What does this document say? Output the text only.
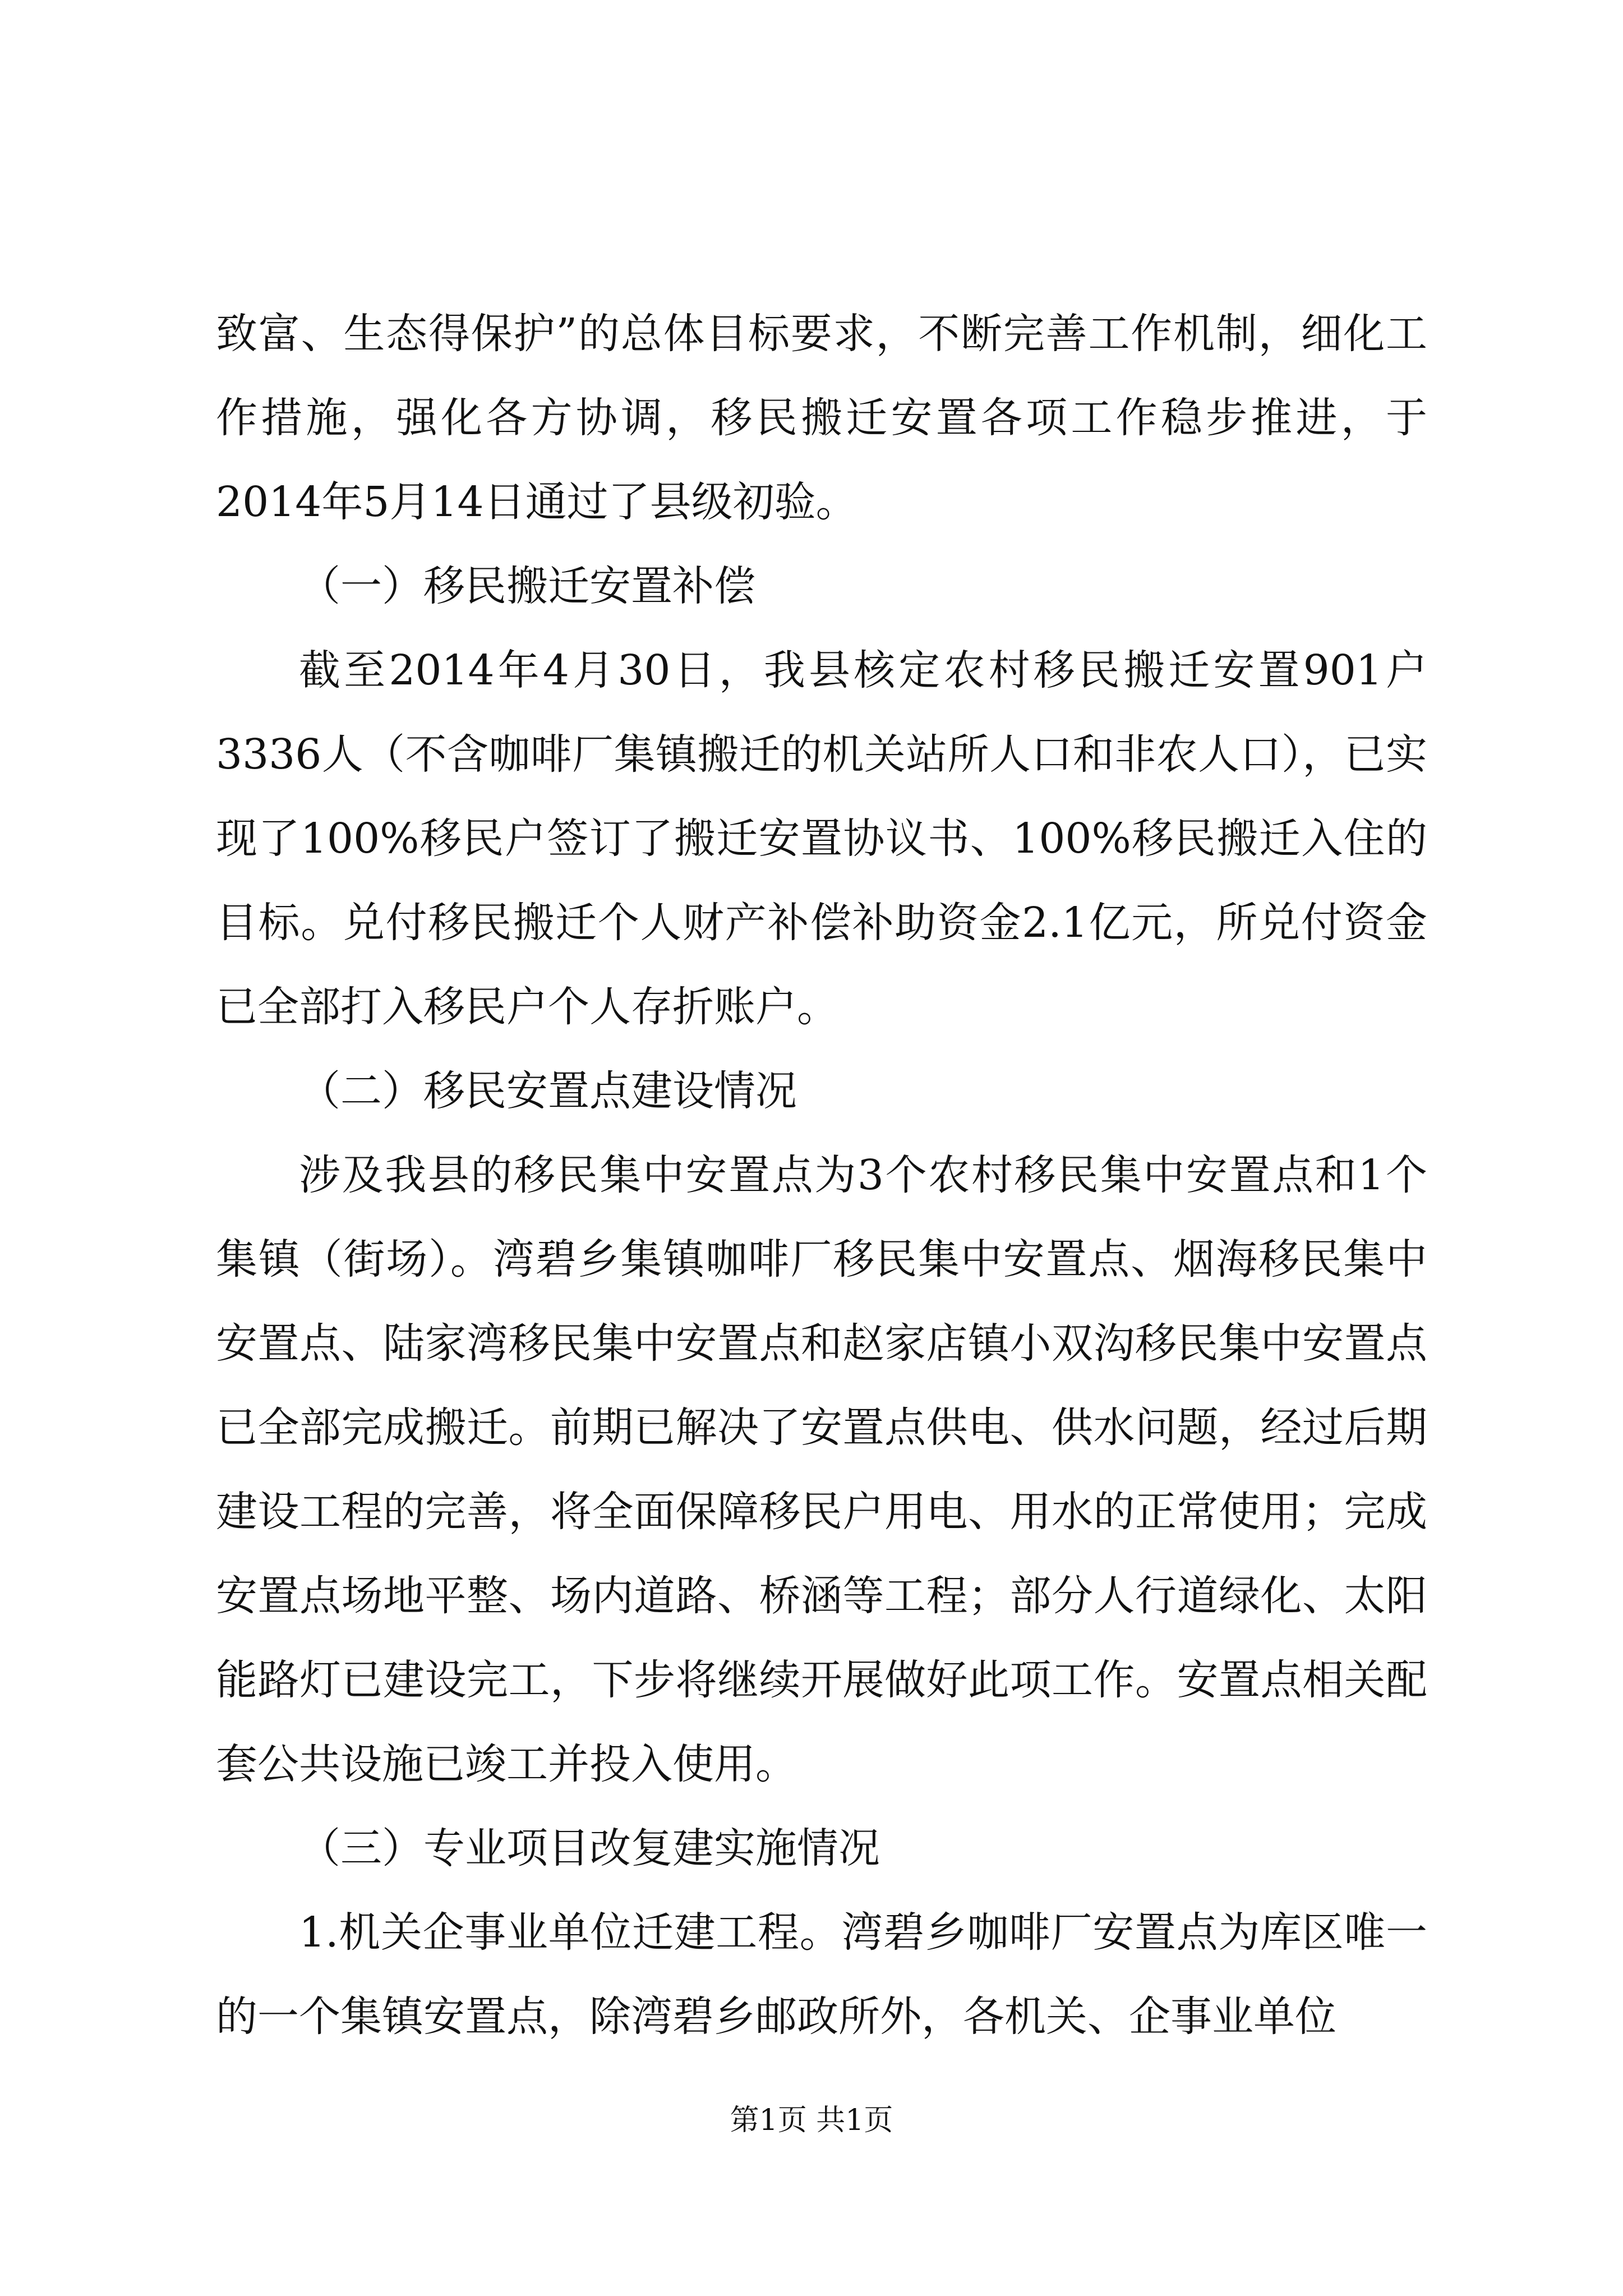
致富、生态得保护”的总体目标要求，不断完善工作机制，细化工作措施，强化各方协调，移民搬迁安置各项工作稳步推进，于2014年5月14日通过了县级初验。

（一）移民搬迁安置补偿

截至2014年4月30日，我县核定农村移民搬迁安置901户3336人（不含咖啡厂集镇搬迁的机关站所人口和非农人口），已实现了100%移民户签订了搬迁安置协议书、100%移民搬迁入住的目标。兑付移民搬迁个人财产补偿补助资金2.1亿元，所兑付资金已全部打入移民户个人存折账户。

（二）移民安置点建设情况

涉及我县的移民集中安置点为3个农村移民集中安置点和1个集镇（街场）。湾碧乡集镇咖啡厂移民集中安置点、烟海移民集中安置点、陆家湾移民集中安置点和赵家店镇小双沟移民集中安置点已全部完成搬迁。前期已解决了安置点供电、供水问题，经过后期建设工程的完善，将全面保障移民户用电、用水的正常使用；完成安置点场地平整、场内道路、桥涵等工程；部分人行道绿化、太阳能路灯已建设完工，下步将继续开展做好此项工作。安置点相关配套公共设施已竣工并投入使用。

（三）专业项目改复建实施情况

1.机关企事业单位迁建工程。湾碧乡咖啡厂安置点为库区唯一的一个集镇安置点，除湾碧乡邮政所外，各机关、企事业单位

第1页 共1页
